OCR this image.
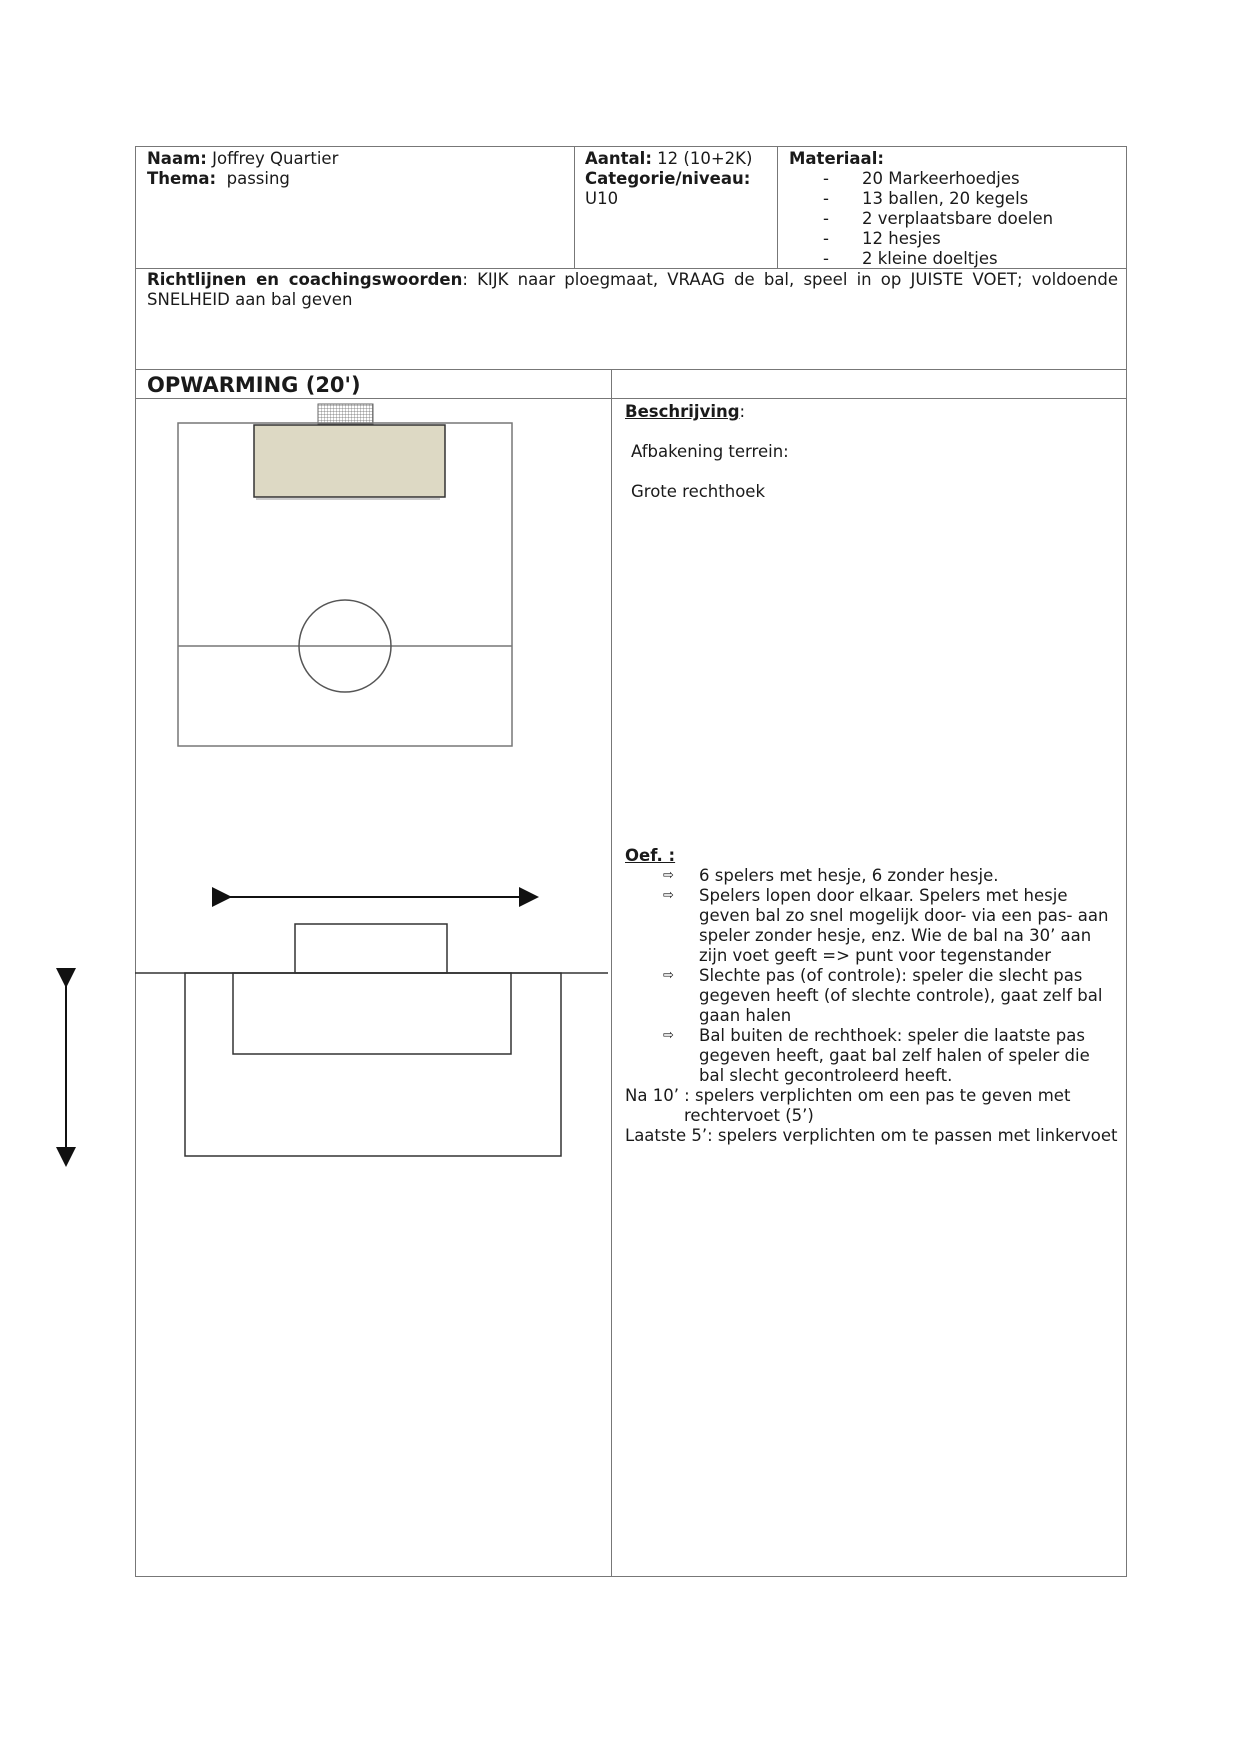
Naam: Joffrey Quartier
Thema:  passing
Aantal: 12 (10+2K)
Categorie/niveau:
U10
Materiaal:
- 20 Markeerhoedjes
- 13 ballen, 20 kegels
- 2 verplaatsbare doelen
- 12 hesjes
- 2 kleine doeltjes
Richtlijnen en coachingswoorden: KIJK naar ploegmaat, VRAAG de bal, speel in op JUISTE VOET; voldoende SNELHEID aan bal geven
OPWARMING (20')
Beschrijving:
Afbakening terrein:
Grote rechthoek
Oef. :
⇨	6 spelers met hesje, 6 zonder hesje.
⇨	Spelers lopen door elkaar. Spelers met hesje geven bal zo snel mogelijk door- via een pas- aan speler zonder hesje, enz. Wie de bal na 30’ aan zijn voet geeft => punt voor tegenstander
⇨	Slechte pas (of controle): speler die slecht pas gegeven heeft (of slechte controle), gaat zelf bal gaan halen
⇨	Bal buiten de rechthoek: speler die laatste pas gegeven heeft, gaat bal zelf halen of speler die bal slecht gecontroleerd heeft.
Na 10’ : spelers verplichten om een pas te geven met rechtervoet (5’)
Laatste 5’: spelers verplichten om te passen met linkervoet
